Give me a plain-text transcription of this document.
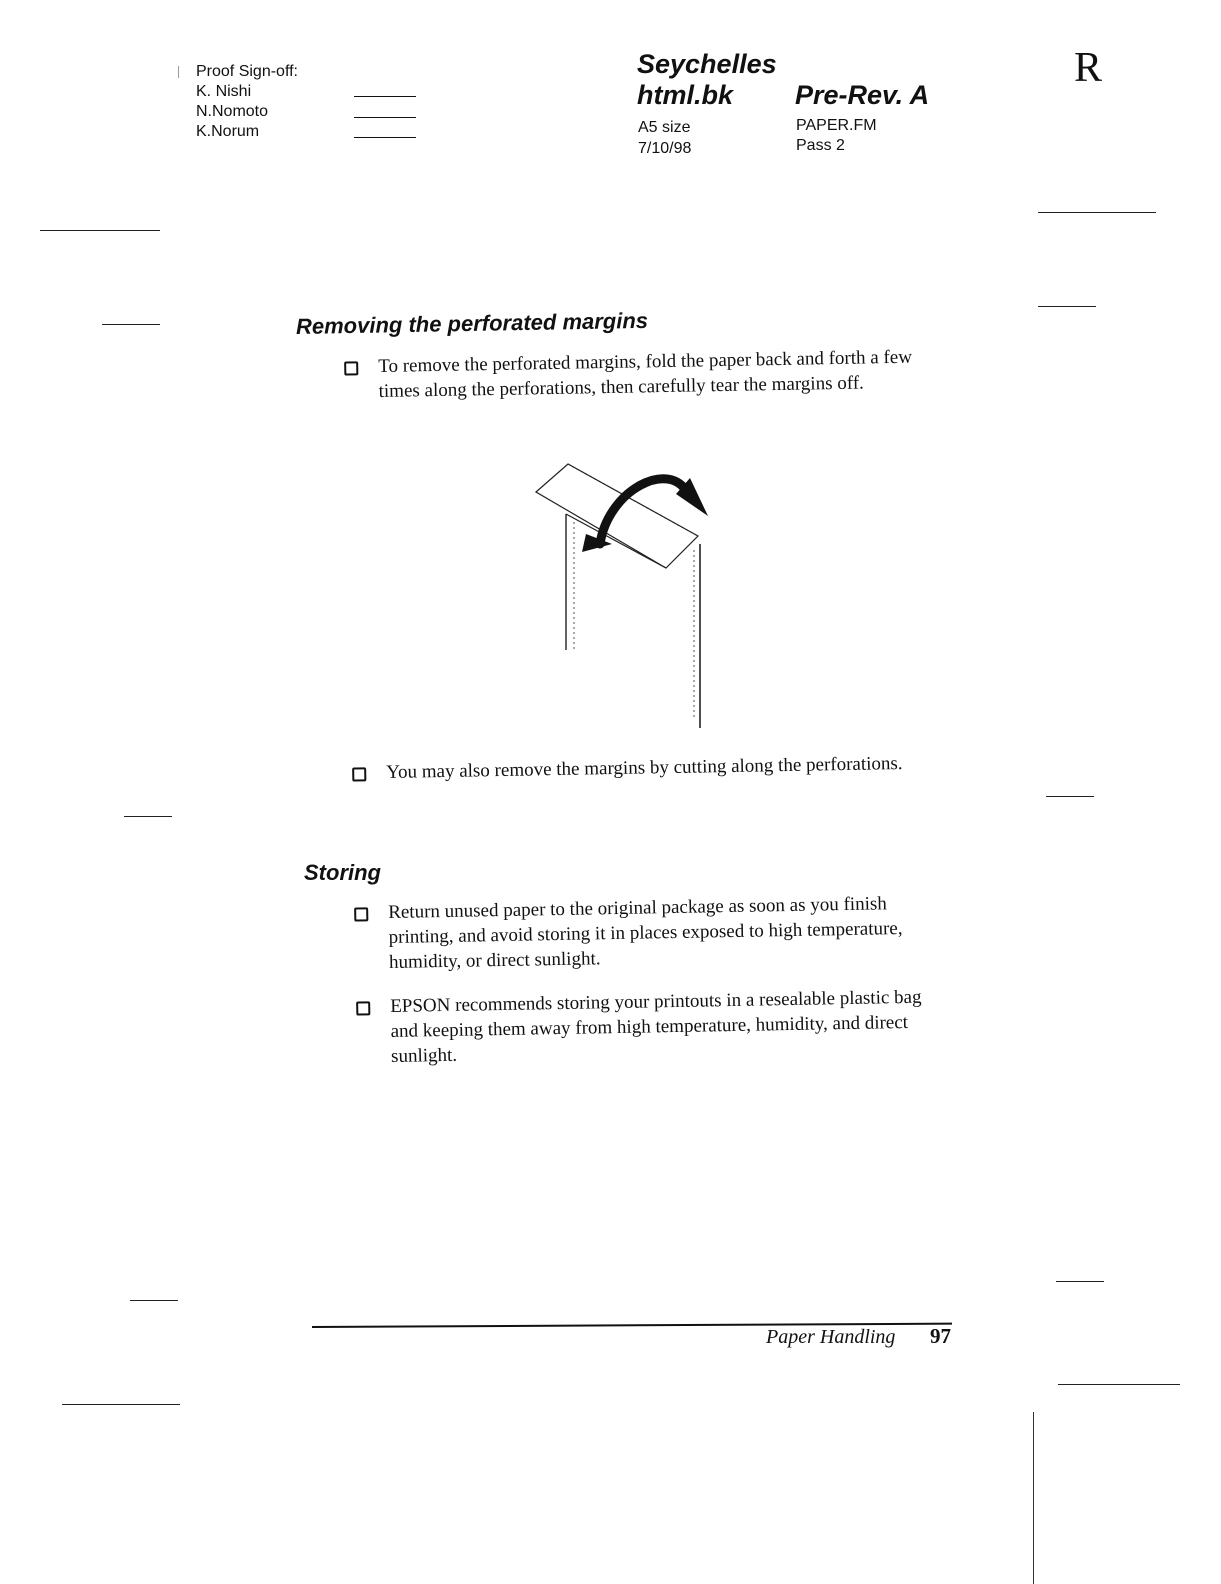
Proof Sign-off:
K. Nishi
N.Nomoto
K.Norum
Seychelles
html.bk Pre-Rev. A
A5 size
7/10/98
PAPER.FM
Pass 2
R
Removing the perforated margins

To remove the perforated margins, fold the paper back and forth a few times along the perforations, then carefully tear the margins off.

You may also remove the margins by cutting along the perforations.

Storing

Return unused paper to the original package as soon as you finish printing, and avoid storing it in places exposed to high temperature, humidity, or direct sunlight.

EPSON recommends storing your printouts in a resealable plastic bag and keeping them away from high temperature, humidity, and direct sunlight.

Paper Handling 97
